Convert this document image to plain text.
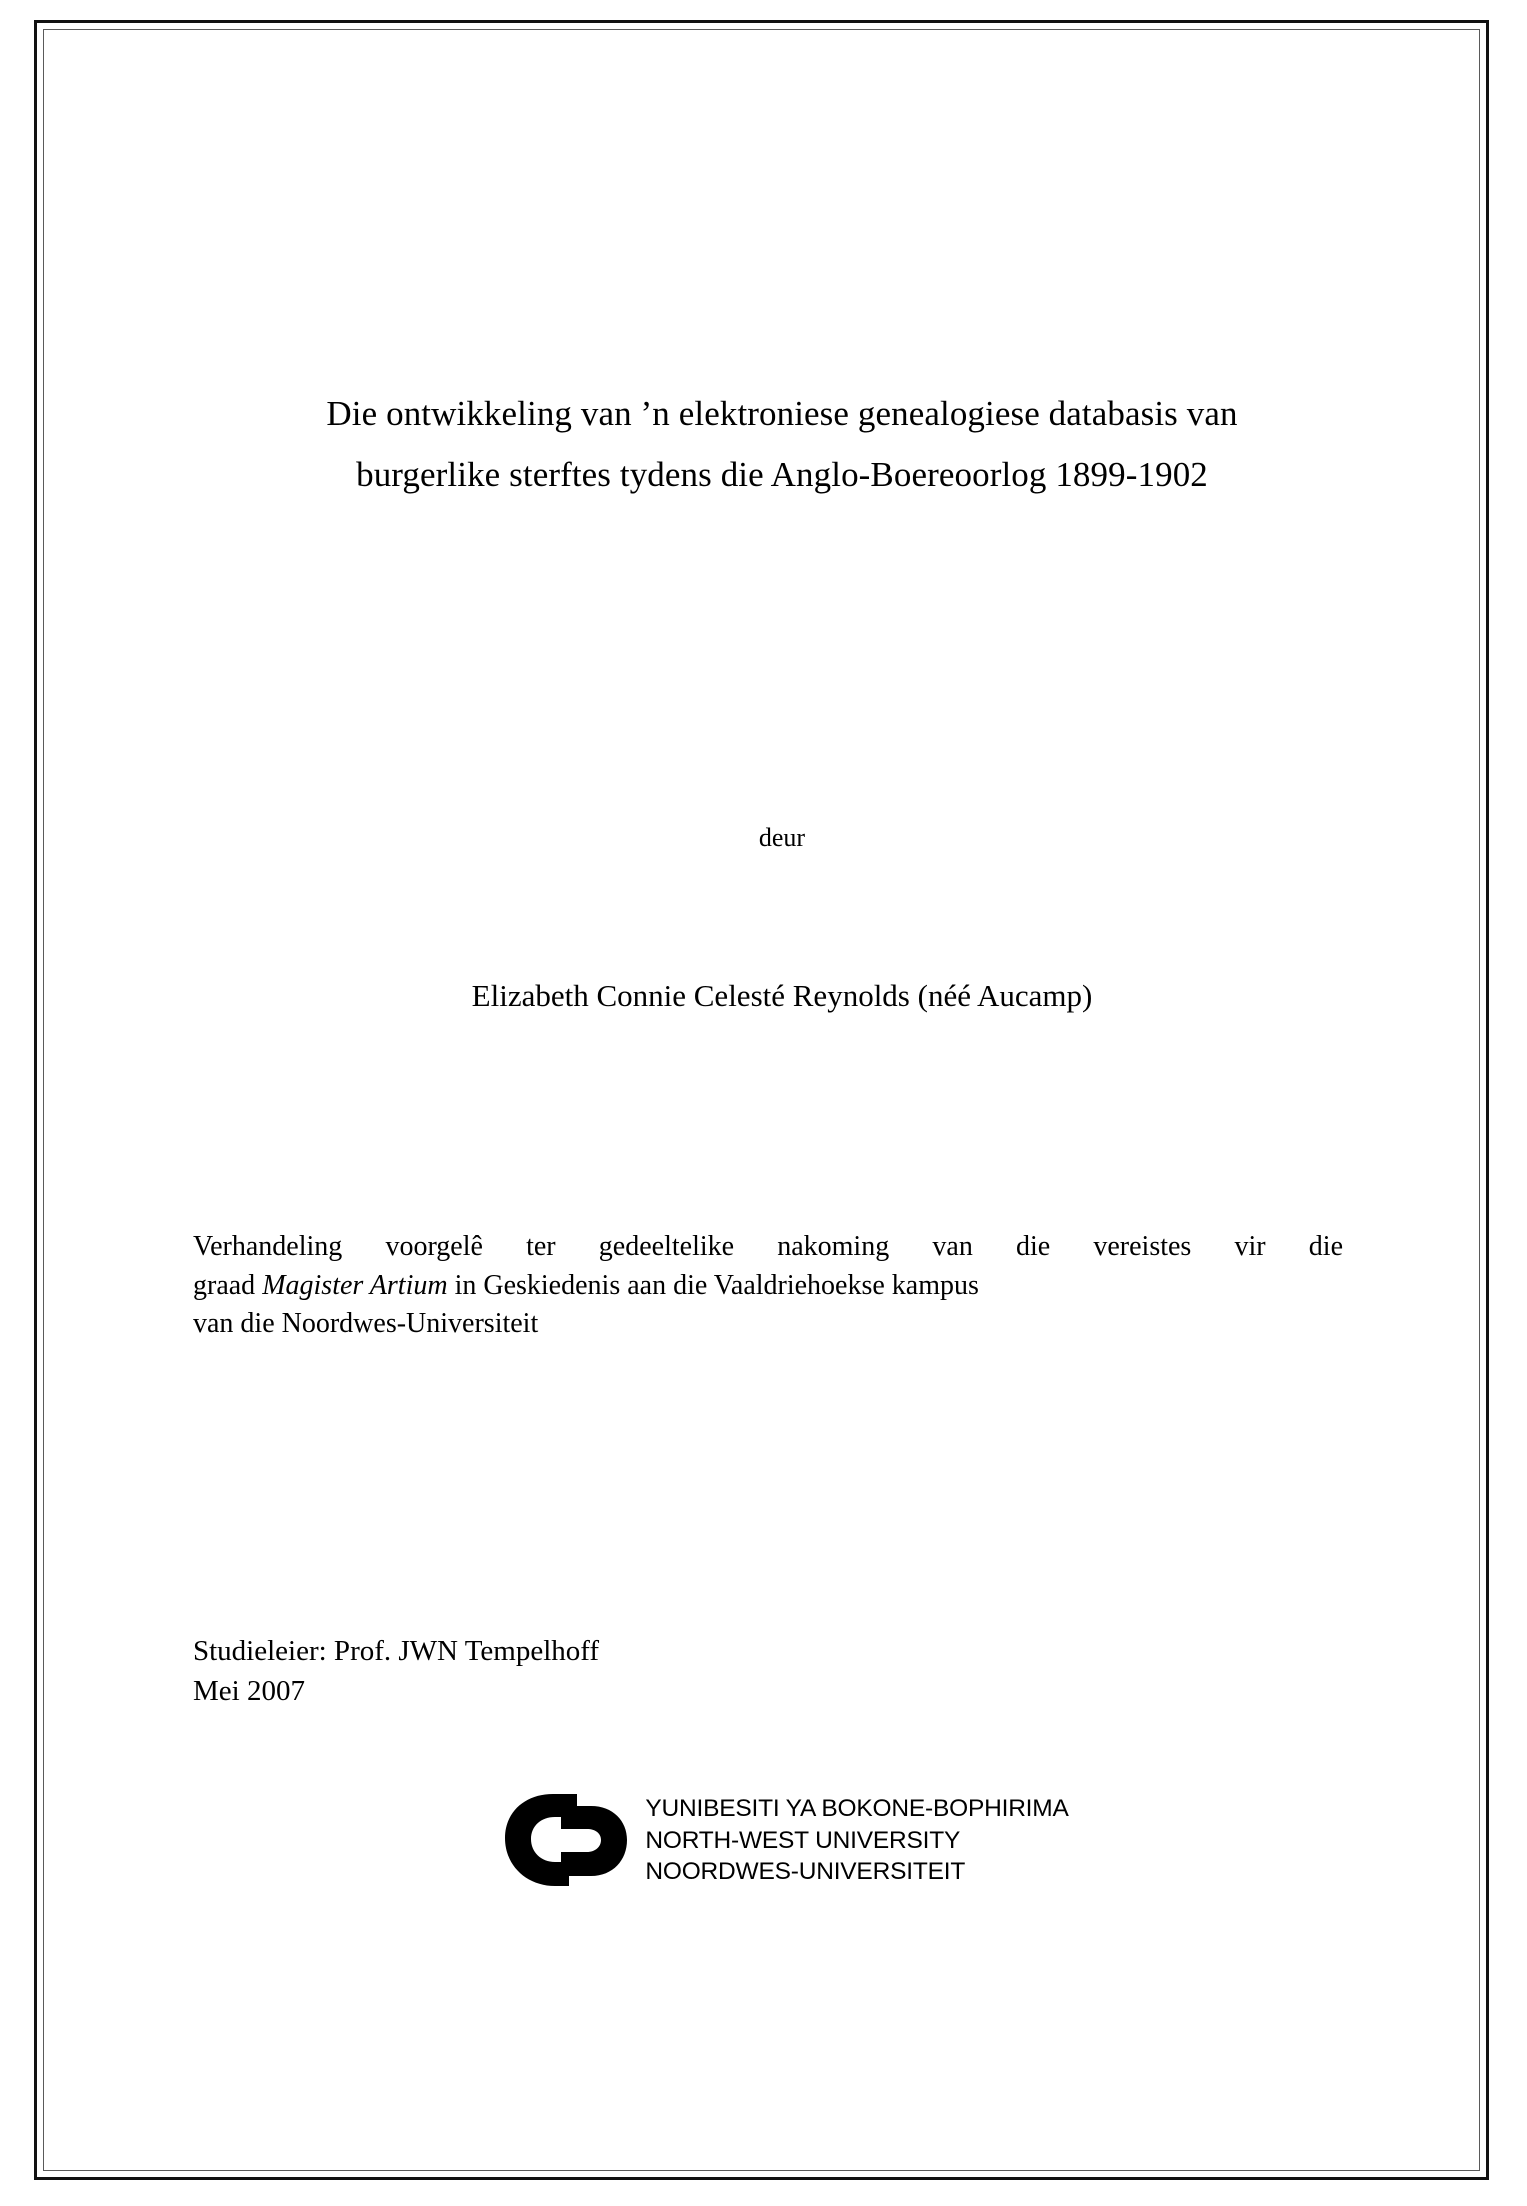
Die ontwikkeling van ’n elektroniese genealogiese databasis van
burgerlike sterftes tydens die Anglo-Boereoorlog 1899-1902
deur
Elizabeth Connie Celesté Reynolds (néé Aucamp)

Verhandeling voorgelê ter gedeeltelike nakoming van die vereistes vir die

graad Magister Artium in Geskiedenis aan die Vaaldriehoekse kampus

van die Noordwes-Universiteit

Studieleier: Prof. JWN Tempelhoff

Mei 2007

YUNIBESITI YA BOKONE-BOPHIRIMA
NORTH-WEST UNIVERSITY
NOORDWES-UNIVERSITEIT
